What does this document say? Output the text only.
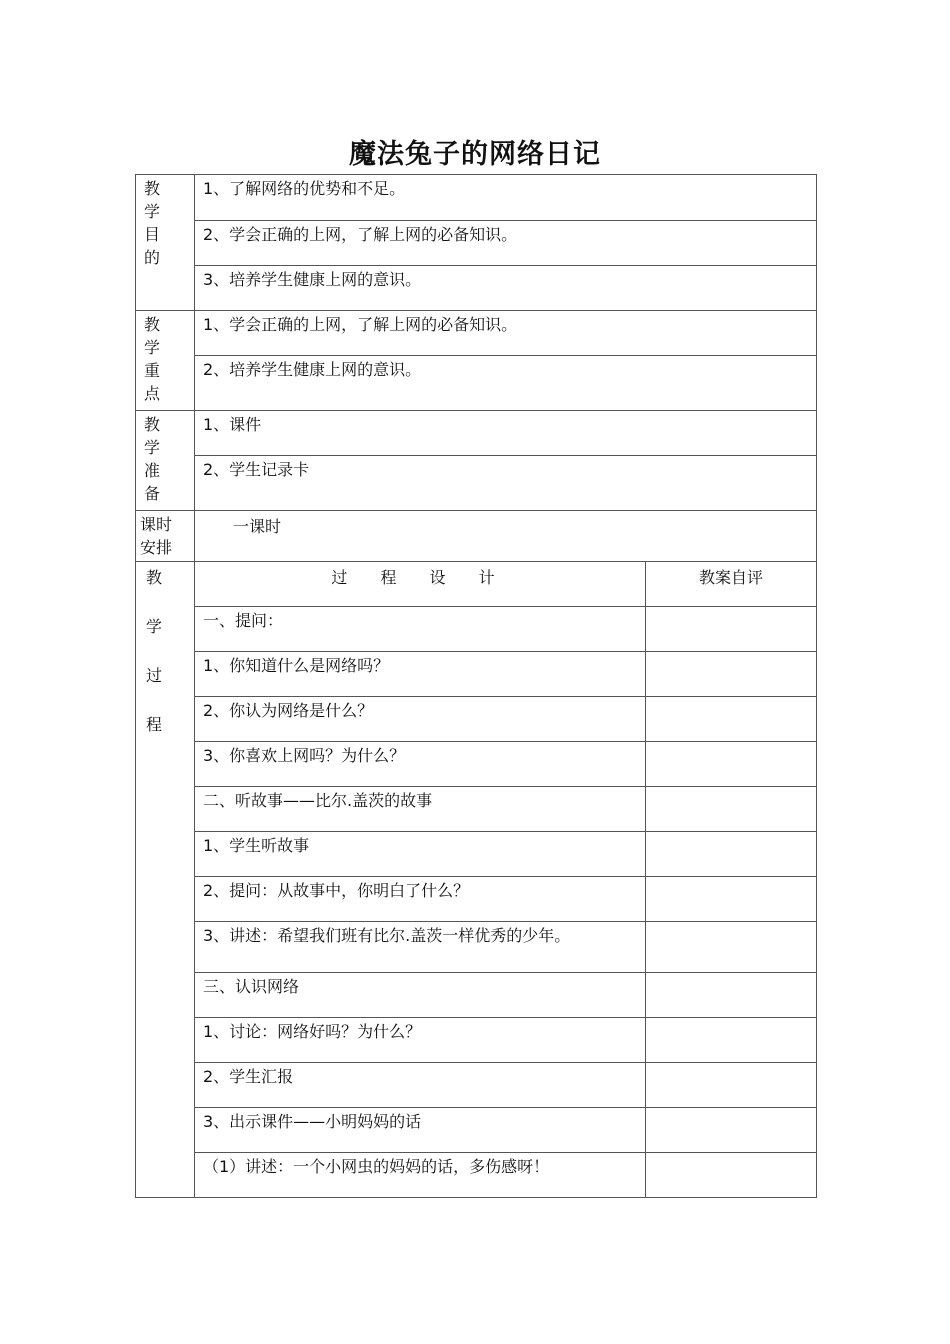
魔法兔子的网络日记
教
学
目
的	1、了解网络的优势和不足。	
	2、学会正确的上网，了解上网的必备知识。	
	3、培养学生健康上网的意识。	

教
学
重
点	1、学会正确的上网，了解上网的必备知识。	
	2、培养学生健康上网的意识。	

教
学
准
备	1、课件	
	2、学生记录卡	

课时
安排	一课时	

教
学
过
程	过 程 设 计	教案自评
	一、提问：	
	1、你知道什么是网络吗？	
	2、你认为网络是什么？	
	3、你喜欢上网吗？为什么？	
	二、听故事——比尔.盖茨的故事	
	1、学生听故事	
	2、提问：从故事中，你明白了什么？	
	3、讲述：希望我们班有比尔.盖茨一样优秀的少年。	
	三、认识网络	
	1、讨论：网络好吗？为什么？	
	2、学生汇报	
	3、出示课件——小明妈妈的话	
	（1）讲述：一个小网虫的妈妈的话，多伤感呀！	
